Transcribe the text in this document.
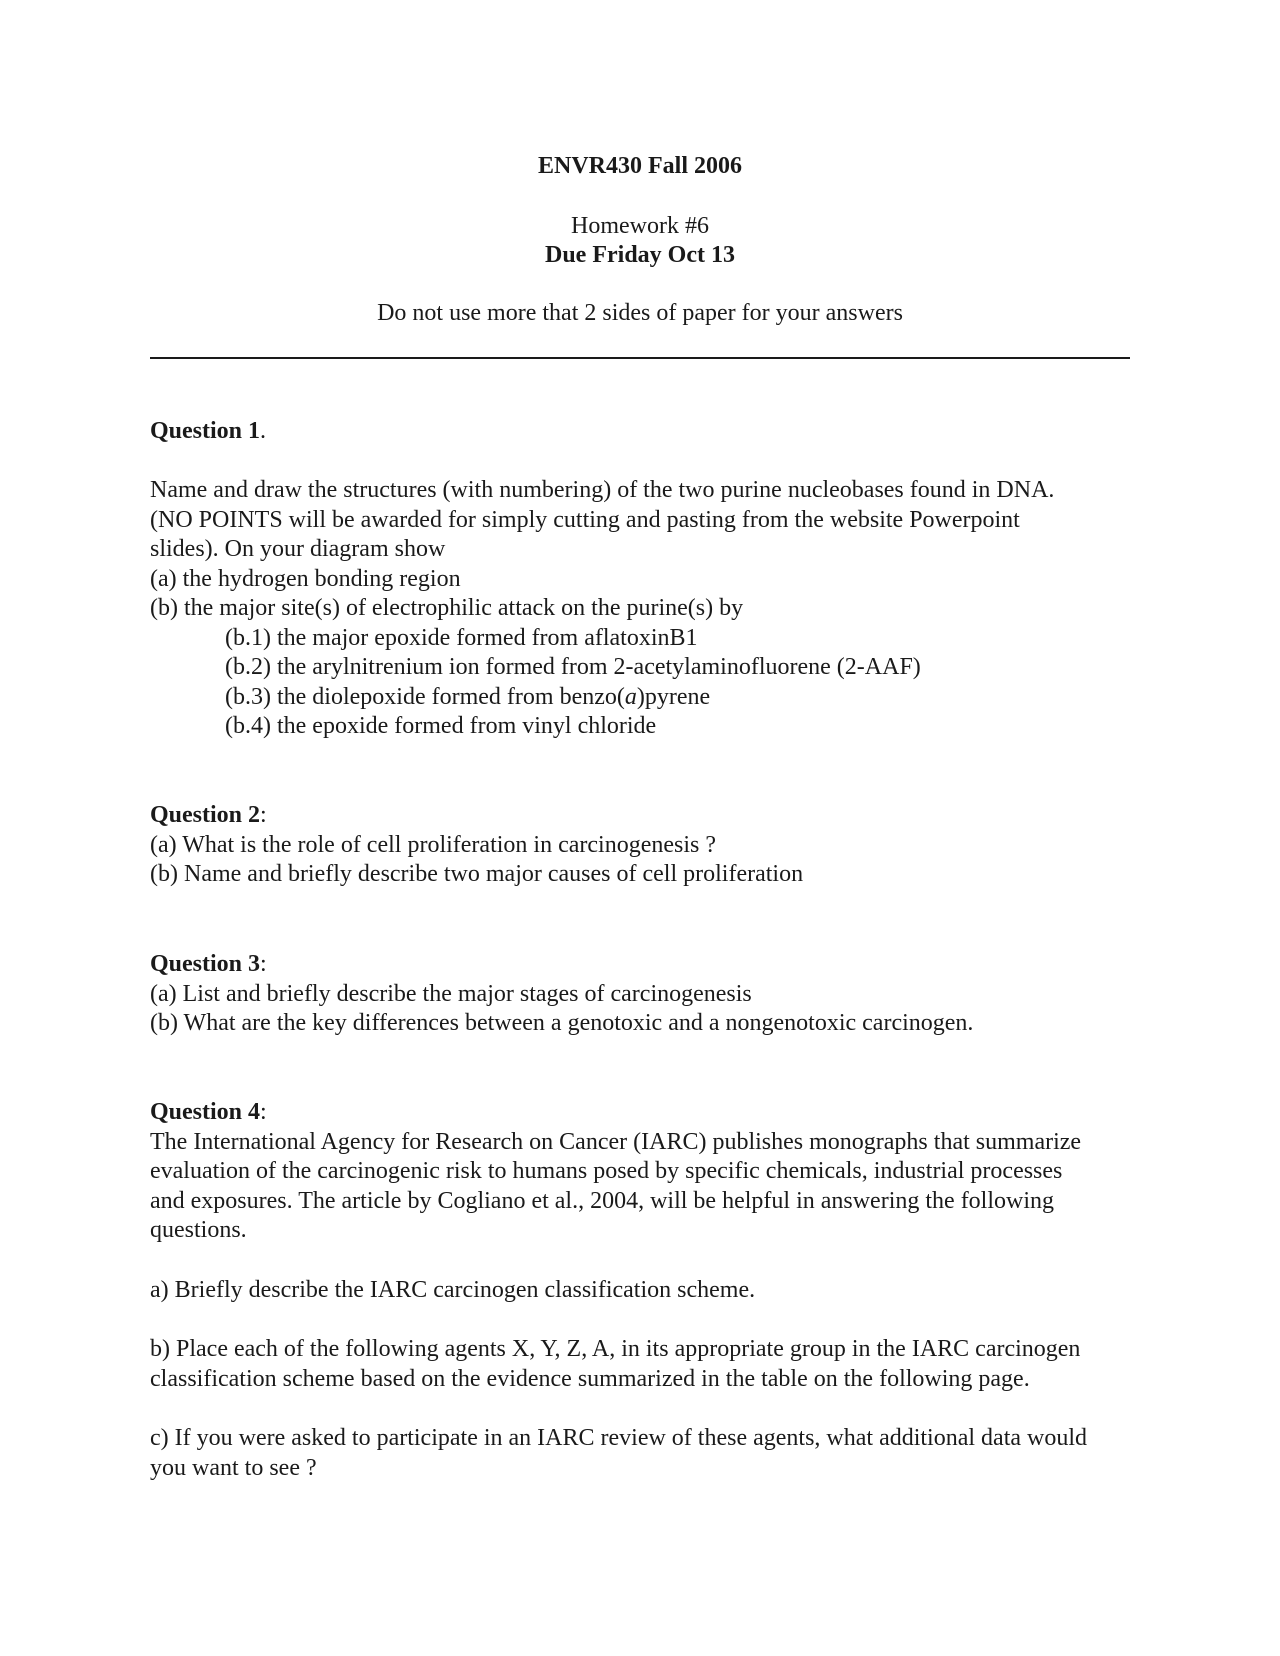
ENVR430 Fall 2006
Homework #6
Due Friday Oct 13
Do not use more that 2 sides of paper for your answers
Question 1.
Name and draw the structures (with numbering) of the two purine nucleobases found in DNA.
(NO POINTS will be awarded for simply cutting and pasting from the website Powerpoint
slides). On your diagram show
(a) the hydrogen bonding region
(b) the major site(s) of electrophilic attack on the purine(s) by
(b.1) the major epoxide formed from aflatoxinB1
(b.2) the arylnitrenium ion formed from 2-acetylaminofluorene (2-AAF)
(b.3) the diolepoxide formed from benzo(a)pyrene
(b.4) the epoxide formed from vinyl chloride
Question 2:
(a) What is the role of cell proliferation in carcinogenesis ?
(b) Name and briefly describe two major causes of cell proliferation
Question 3:
(a) List and briefly describe the major stages of carcinogenesis
(b) What are the key differences between a genotoxic and a nongenotoxic carcinogen.
Question 4:
The International Agency for Research on Cancer (IARC) publishes monographs that summarize
evaluation of the carcinogenic risk to humans posed by specific chemicals, industrial processes
and exposures. The article by Cogliano et al., 2004, will be helpful in answering the following
questions.
a) Briefly describe the IARC carcinogen classification scheme.
b) Place each of the following agents X, Y, Z, A, in its appropriate group in the IARC carcinogen
classification scheme based on the evidence summarized in the table on the following page.
c) If you were asked to participate in an IARC review of these agents, what additional data would
you want to see ?
